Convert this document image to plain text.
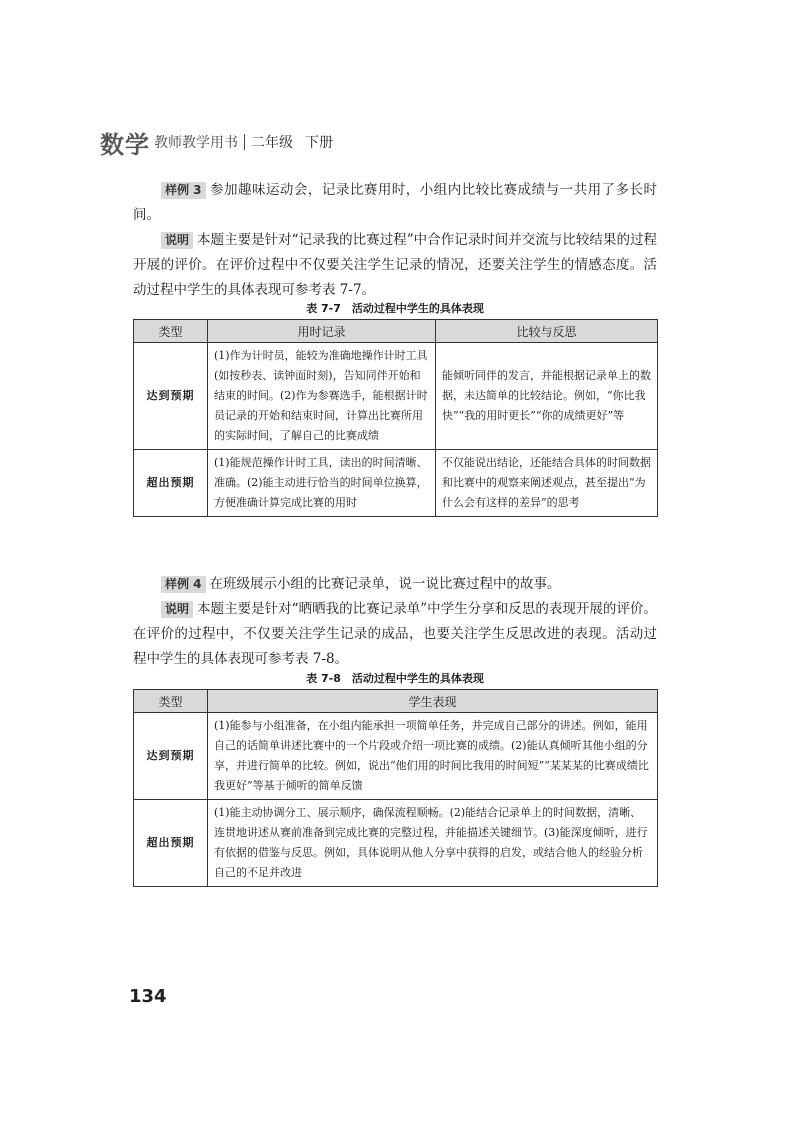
数学 教师教学用书 二年级 下册

样例 3 参加趣味运动会，记录比赛用时，小组内比较比赛成绩与一共用了多长时间。

说明 本题主要是针对“记录我的比赛过程”中合作记录时间并交流与比较结果的过程开展的评价。在评价过程中不仅要关注学生记录的情况，还要关注学生的情感态度。活动过程中学生的具体表现可参考表 7-7。

表 7-7　活动过程中学生的具体表现

类型	用时记录	比较与反思
达到预期	(1)作为计时员，能较为准确地操作计时工具(如按秒表、读钟面时刻)，告知同伴开始和结束的时间。(2)作为参赛选手，能根据计时员记录的开始和结束时间，计算出比赛所用的实际时间，了解自己的比赛成绩	能倾听同伴的发言，并能根据记录单上的数据，未达简单的比较结论。例如，“你比我快”“我的用时更长”“你的成绩更好”等
超出预期	(1)能规范操作计时工具，读出的时间清晰、准确。(2)能主动进行恰当的时间单位换算，方便准确计算完成比赛的用时	不仅能说出结论，还能结合具体的时间数据和比赛中的观察来阐述观点，甚至提出“为什么会有这样的差异”的思考

样例 4 在班级展示小组的比赛记录单，说一说比赛过程中的故事。

说明 本题主要是针对“晒晒我的比赛记录单”中学生分享和反思的表现开展的评价。在评价的过程中，不仅要关注学生记录的成品，也要关注学生反思改进的表现。活动过程中学生的具体表现可参考表 7-8。

表 7-8　活动过程中学生的具体表现

类型	学生表现
达到预期	(1)能参与小组准备，在小组内能承担一项简单任务，并完成自己部分的讲述。例如，能用自己的话简单讲述比赛中的一个片段或介绍一项比赛的成绩。(2)能认真倾听其他小组的分享，并进行简单的比较。例如，说出“他们用的时间比我用的时间短”“某某某的比赛成绩比我更好”等基于倾听的简单反馈
超出预期	(1)能主动协调分工、展示顺序，确保流程顺畅。(2)能结合记录单上的时间数据，清晰、连贯地讲述从赛前准备到完成比赛的完整过程，并能描述关键细节。(3)能深度倾听，进行有依据的借鉴与反思。例如，具体说明从他人分享中获得的启发，或结合他人的经验分析自己的不足并改进
134
